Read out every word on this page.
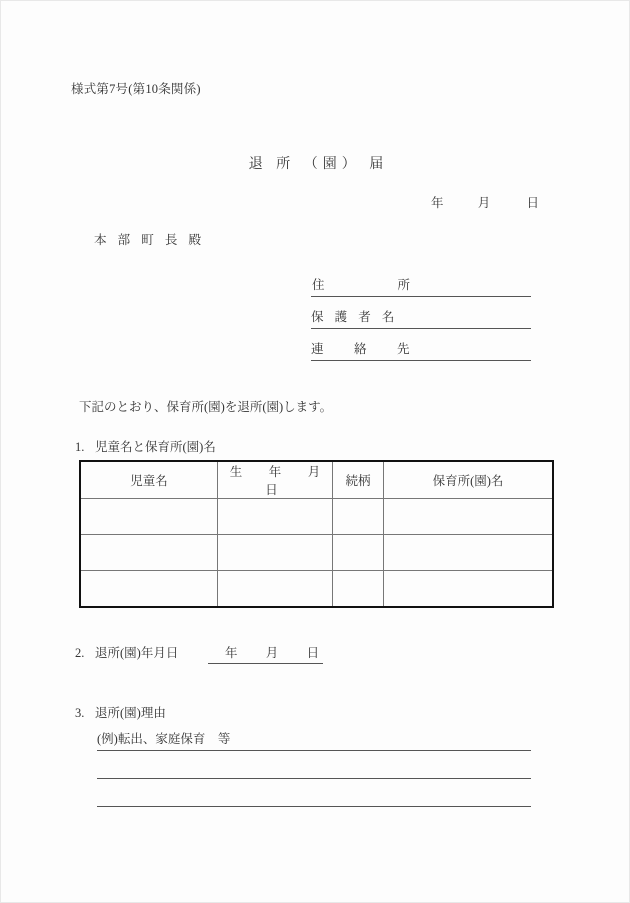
様式第7号(第10条関係)
退 所 （園） 届
年	月	日
本 部 町 長 殿
住　　所
保 護 者 名
連　絡　先
下記のとおり、保育所(園)を退所(園)します。
1. 児童名と保育所(園)名
児童名	生　年　月　日	続柄	保育所(園)名

2. 退所(園)年月日	年 月 日
3. 退所(園)理由
(例)転出、家庭保育　等
